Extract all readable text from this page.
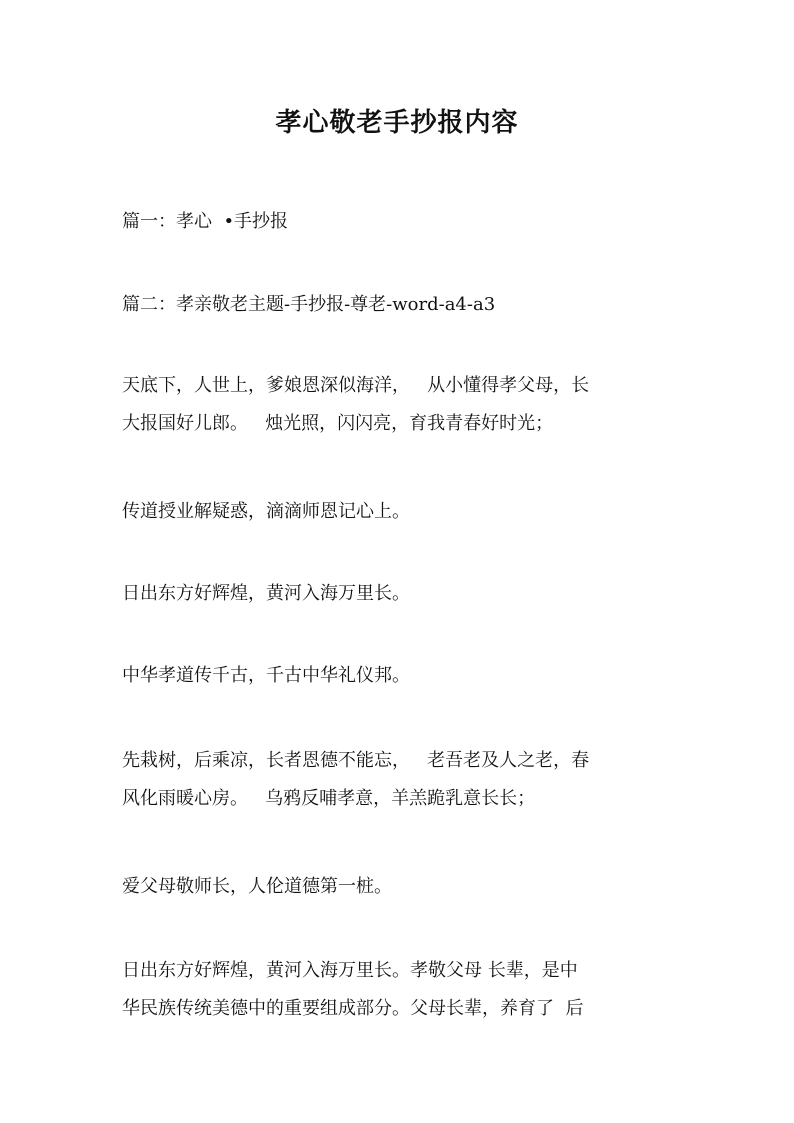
孝心敬老手抄报内容

篇一：孝心  •手抄报

篇二：孝亲敬老主题-手抄报-尊老-word-a4-a3

天底下，人世上，爹娘恩深似海洋，   从小懂得孝父母，长
大报国好儿郎。   烛光照，闪闪亮，育我青春好时光；

传道授业解疑惑，滴滴师恩记心上。

日出东方好辉煌，黄河入海万里长。

中华孝道传千古，千古中华礼仪邦。

先栽树，后乘凉，长者恩德不能忘，   老吾老及人之老，春
风化雨暖心房。   乌鸦反哺孝意，羊羔跪乳意长长；

爱父母敬师长，人伦道德第一桩。

日出东方好辉煌，黄河入海万里长。孝敬父母 长辈，是中
华民族传统美德中的重要组成部分。父母长辈，养育了  后
